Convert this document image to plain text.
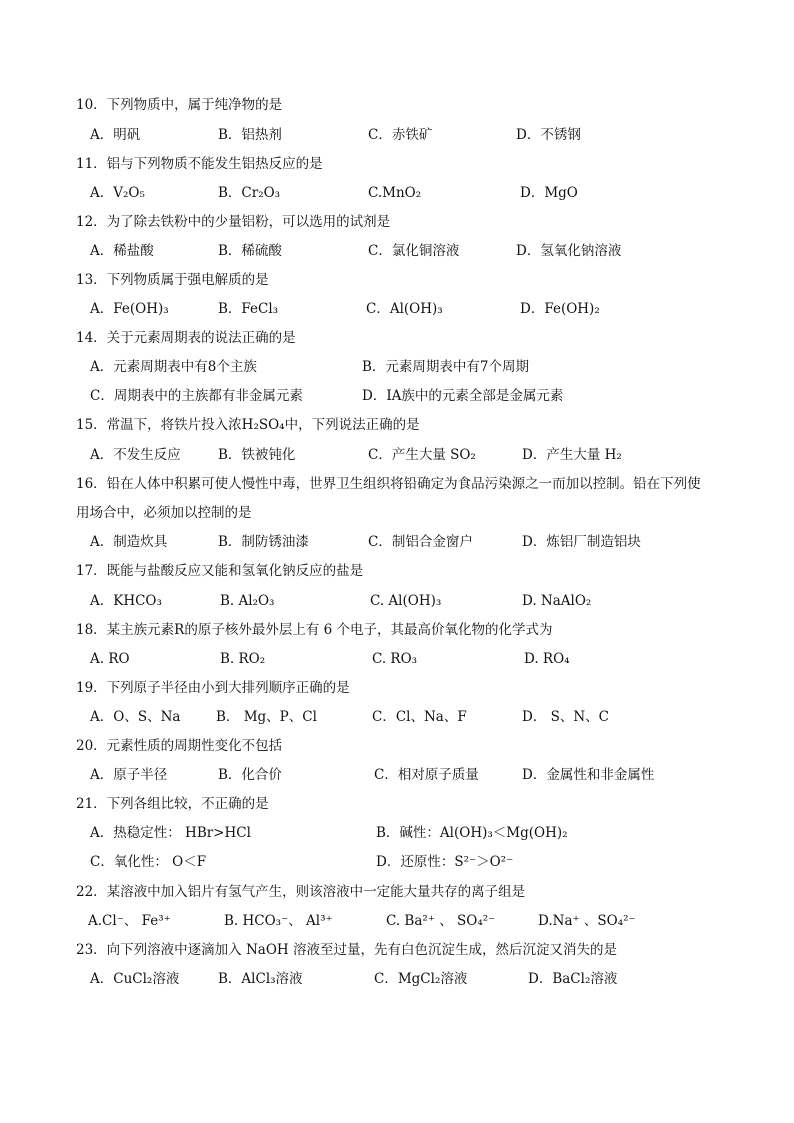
10．下列物质中，属于纯净物的是
A．明矾	B．铝热剂	C．赤铁矿	D．不锈钢
11．铝与下列物质不能发生铝热反应的是
A．V₂O₅	B．Cr₂O₃	C.MnO₂	D．MgO
12．为了除去铁粉中的少量铝粉，可以选用的试剂是
A．稀盐酸	B．稀硫酸	C．氯化铜溶液	D．氢氧化钠溶液
13．下列物质属于强电解质的是
A．Fe(OH)₃	B．FeCl₃	C．Al(OH)₃	D．Fe(OH)₂
14．关于元素周期表的说法正确的是
A．元素周期表中有8个主族	B．元素周期表中有7个周期
C．周期表中的主族都有非金属元素	D．IA族中的元素全部是金属元素
15．常温下，将铁片投入浓H₂SO₄中，下列说法正确的是
A．不发生反应	B．铁被钝化	C．产生大量 SO₂	D．产生大量 H₂
16．铅在人体中积累可使人慢性中毒，世界卫生组织将铅确定为食品污染源之一而加以控制。铅在下列使
用场合中，必须加以控制的是
A．制造炊具	B．制防锈油漆	C．制铝合金窗户	D．炼铝厂制造铝块
17．既能与盐酸反应又能和氢氧化钠反应的盐是
A．KHCO₃	B. Al₂O₃	C. Al(OH)₃	D. NaAlO₂
18．某主族元素R的原子核外最外层上有 6 个电子，其最高价氧化物的化学式为
A. RO	B. RO₂	C. RO₃	D. RO₄
19．下列原子半径由小到大排列顺序正确的是
A．O、S、Na	B． Mg、P、Cl	C．Cl、Na、F	D． S、N、C
20．元素性质的周期性变化不包括
A．原子半径	B．化合价	C．相对原子质量	D．金属性和非金属性
21．下列各组比较，不正确的是
A．热稳定性： HBr>HCl	B．碱性：Al(OH)₃＜Mg(OH)₂
C．氧化性： O＜F	D．还原性：S²⁻＞O²⁻
22．某溶液中加入铝片有氢气产生，则该溶液中一定能大量共存的离子组是
A.Cl⁻、 Fe³⁺	B. HCO₃⁻、 Al³⁺	C. Ba²⁺ 、 SO₄²⁻	D.Na⁺ 、SO₄²⁻
23．向下列溶液中逐滴加入 NaOH 溶液至过量，先有白色沉淀生成，然后沉淀又消失的是
A．CuCl₂溶液	B．AlCl₃溶液	C．MgCl₂溶液	D．BaCl₂溶液
